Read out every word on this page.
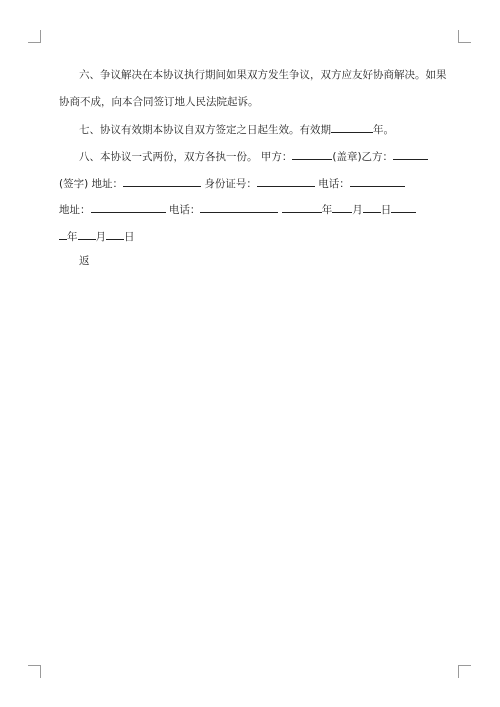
六、争议解决在本协议执行期间如果双方发生争议，双方应友好协商解决。如果
协商不成，向本合同签订地人民法院起诉。
七、协议有效期本协议自双方签定之日起生效。有效期	年。
八、本协议一式两份，双方各执一份。 甲方：	(盖章)乙方：
(签字) 地址：	身份证号：	电话：
地址：	电话：	年 月 日
年 月 日
返
